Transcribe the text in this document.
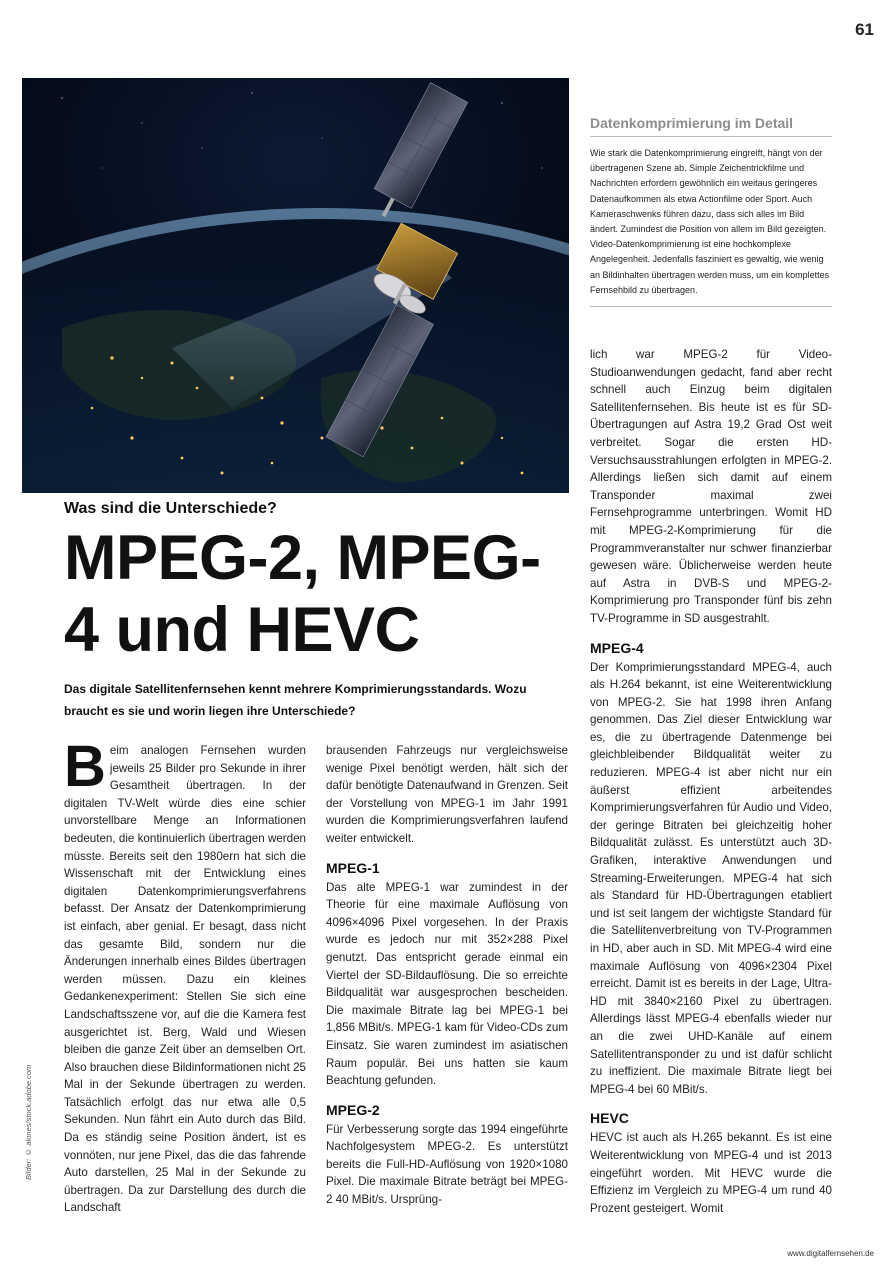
61
Bilder: © alones/stock.adobe.com
Datenkomprimierung im Detail
Wie stark die Datenkomprimierung eingreift, hängt von der übertragenen Szene ab. Simple Zeichentrickfilme und Nachrichten erfordern gewöhnlich ein weitaus geringeres Datenaufkommen als etwa Actionfilme oder Sport. Auch Kameraschwenks führen dazu, dass sich alles im Bild ändert. Zumindest die Position von allem im Bild gezeigten. Video-Datenkomprimierung ist eine hochkomplexe Angelegenheit. Jedenfalls fasziniert es gewaltig, wie wenig an Bildinhalten übertragen werden muss, um ein komplettes Fernsehbild zu übertragen.
Was sind die Unterschiede?
MPEG-2, MPEG-4 und HEVC

Das digitale Satellitenfernsehen kennt mehrere Komprimierungsstandards. Wozu braucht es sie und worin liegen ihre Unterschiede?

Beim analogen Fernsehen wurden jeweils 25 Bilder pro Sekunde in ihrer Gesamtheit übertragen. In der digitalen TV-Welt würde dies eine schier unvorstellbare Menge an Informationen bedeuten, die kontinuierlich übertragen werden müsste. Bereits seit den 1980ern hat sich die Wissenschaft mit der Entwicklung eines digitalen Datenkomprimierungsverfahrens befasst. Der Ansatz der Datenkomprimierung ist einfach, aber genial. Er besagt, dass nicht das gesamte Bild, sondern nur die Änderungen innerhalb eines Bildes übertragen werden müssen. Dazu ein kleines Gedankenexperiment: Stellen Sie sich eine Landschaftsszene vor, auf die die Kamera fest ausgerichtet ist. Berg, Wald und Wiesen bleiben die ganze Zeit über an demselben Ort. Also brauchen diese Bildinformationen nicht 25 Mal in der Sekunde übertragen zu werden. Tatsächlich erfolgt das nur etwa alle 0,5 Sekunden. Nun fährt ein Auto durch das Bild. Da es ständig seine Position ändert, ist es vonnöten, nur jene Pixel, das die das fahrende Auto darstellen, 25 Mal in der Sekunde zu übertragen. Da zur Darstellung des durch die Landschaft

brausenden Fahrzeugs nur vergleichsweise wenige Pixel benötigt werden, hält sich der dafür benötigte Datenaufwand in Grenzen. Seit der Vorstellung von MPEG-1 im Jahr 1991 wurden die Komprimierungsverfahren laufend weiter entwickelt.

MPEG-1

Das alte MPEG-1 war zumindest in der Theorie für eine maximale Auflösung von 4096×4096 Pixel vorgesehen. In der Praxis wurde es jedoch nur mit 352×288 Pixel genutzt. Das entspricht gerade einmal ein Viertel der SD-Bildauflösung. Die so erreichte Bildqualität war ausgesprochen bescheiden. Die maximale Bitrate lag bei MPEG-1 bei 1,856 MBit/s. MPEG-1 kam für Video-CDs zum Einsatz. Sie waren zumindest im asiatischen Raum populär. Bei uns hatten sie kaum Beachtung gefunden.

MPEG-2

Für Verbesserung sorgte das 1994 eingeführte Nachfolgesystem MPEG-2. Es unterstützt bereits die Full-HD-Auflösung von 1920×1080 Pixel. Die maximale Bitrate beträgt bei MPEG-2 40 MBit/s. Ursprüng-

lich war MPEG-2 für Video-Studioanwendungen gedacht, fand aber recht schnell auch Einzug beim digitalen Satellitenfernsehen. Bis heute ist es für SD-Übertragungen auf Astra 19,2 Grad Ost weit verbreitet. Sogar die ersten HD-Versuchsausstrahlungen erfolgten in MPEG-2. Allerdings ließen sich damit auf einem Transponder maximal zwei Fernsehprogramme unterbringen. Womit HD mit MPEG-2-Komprimierung für die Programmveranstalter nur schwer finanzierbar gewesen wäre. Üblicherweise werden heute auf Astra in DVB-S und MPEG-2-Komprimierung pro Transponder fünf bis zehn TV-Programme in SD ausgestrahlt.

MPEG-4

Der Komprimierungsstandard MPEG-4, auch als H.264 bekannt, ist eine Weiterentwicklung von MPEG-2. Sie hat 1998 ihren Anfang genommen. Das Ziel dieser Entwicklung war es, die zu übertragende Datenmenge bei gleichbleibender Bildqualität weiter zu reduzieren. MPEG-4 ist aber nicht nur ein äußerst effizient arbeitendes Komprimierungsverfahren für Audio und Video, der geringe Bitraten bei gleichzeitig hoher Bildqualität zulässt. Es unterstützt auch 3D-Grafiken, interaktive Anwendungen und Streaming-Erweiterungen. MPEG-4 hat sich als Standard für HD-Übertragungen etabliert und ist seit langem der wichtigste Standard für die Satellitenverbreitung von TV-Programmen in HD, aber auch in SD. Mit MPEG-4 wird eine maximale Auflösung von 4096×2304 Pixel erreicht. Damit ist es bereits in der Lage, Ultra-HD mit 3840×2160 Pixel zu übertragen. Allerdings lässt MPEG-4 ebenfalls wieder nur an die zwei UHD-Kanäle auf einem Satellitentransponder zu und ist dafür schlicht zu ineffizient. Die maximale Bitrate liegt bei MPEG-4 bei 60 MBit/s.

HEVC

HEVC ist auch als H.265 bekannt. Es ist eine Weiterentwicklung von MPEG-4 und ist 2013 eingeführt worden. Mit HEVC wurde die Effizienz im Vergleich zu MPEG-4 um rund 40 Prozent gesteigert. Womit

www.digitalfernsehen.de
